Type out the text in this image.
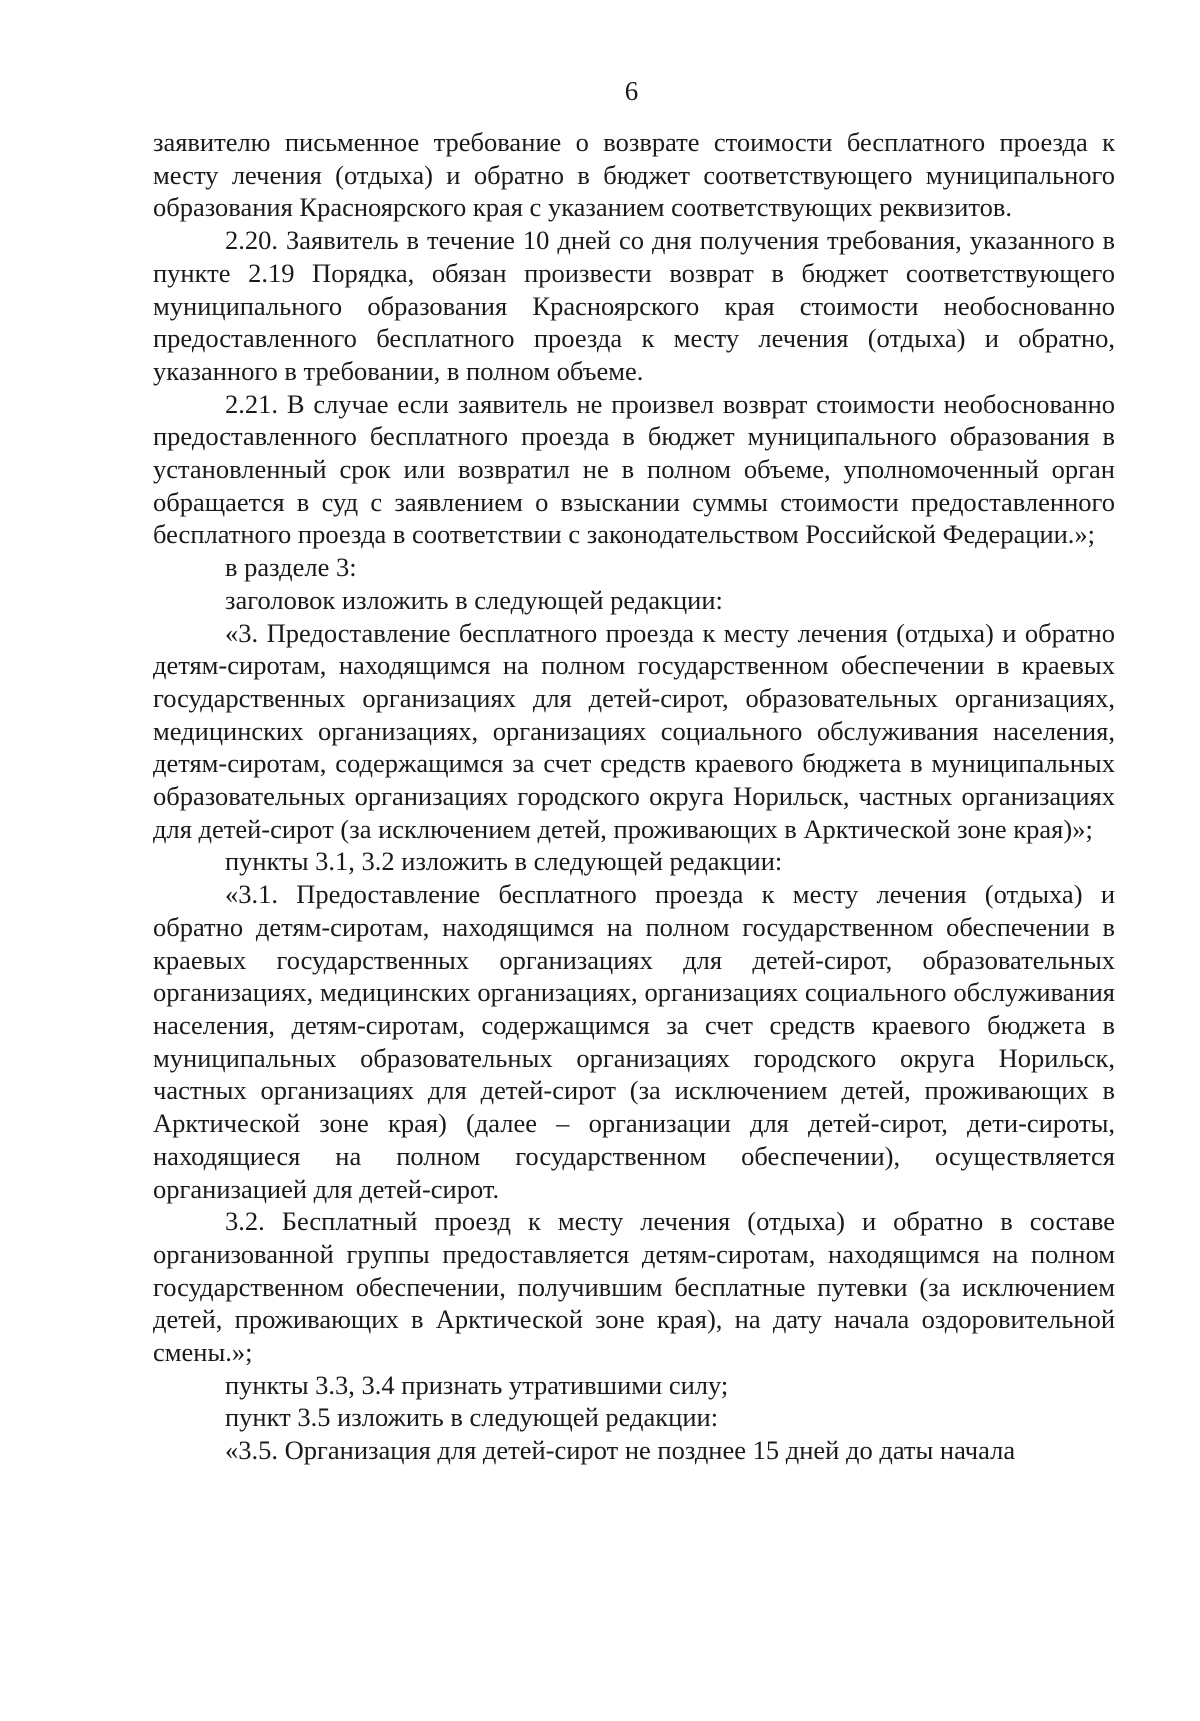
6

заявителю письменное требование о возврате стоимости бесплатного проезда к месту лечения (отдыха) и обратно в бюджет соответствующего муниципального образования Красноярского края с указанием соответствующих реквизитов.

2.20. Заявитель в течение 10 дней со дня получения требования, указанного в пункте 2.19 Порядка, обязан произвести возврат в бюджет соответствующего муниципального образования Красноярского края стоимости необоснованно предоставленного бесплатного проезда к месту лечения (отдыха) и обратно, указанного в требовании, в полном объеме.

2.21. В случае если заявитель не произвел возврат стоимости необоснованно предоставленного бесплатного проезда в бюджет муниципального образования в установленный срок или возвратил не в полном объеме, уполномоченный орган обращается в суд с заявлением о взыскании суммы стоимости предоставленного бесплатного проезда в соответствии с законодательством Российской Федерации.»;

в разделе 3:

заголовок изложить в следующей редакции:

«3. Предоставление бесплатного проезда к месту лечения (отдыха) и обратно детям-сиротам, находящимся на полном государственном обеспечении в краевых государственных организациях для детей-сирот, образовательных организациях, медицинских организациях, организациях социального обслуживания населения, детям-сиротам, содержащимся за счет средств краевого бюджета в муниципальных образовательных организациях городского округа Норильск, частных организациях для детей-сирот (за исключением детей, проживающих в Арктической зоне края)»;

пункты 3.1, 3.2 изложить в следующей редакции:

«3.1. Предоставление бесплатного проезда к месту лечения (отдыха) и обратно детям-сиротам, находящимся на полном государственном обеспечении в краевых государственных организациях для детей-сирот, образовательных организациях, медицинских организациях, организациях социального обслуживания населения, детям-сиротам, содержащимся за счет средств краевого бюджета в муниципальных образовательных организациях городского округа Норильск, частных организациях для детей-сирот (за исключением детей, проживающих в Арктической зоне края) (далее – организации для детей-сирот, дети-сироты, находящиеся на полном государственном обеспечении), осуществляется организацией для детей-сирот.

3.2. Бесплатный проезд к месту лечения (отдыха) и обратно в составе организованной группы предоставляется детям-сиротам, находящимся на полном государственном обеспечении, получившим бесплатные путевки (за исключением детей, проживающих в Арктической зоне края), на дату начала оздоровительной смены.»;

пункты 3.3, 3.4 признать утратившими силу;

пункт 3.5 изложить в следующей редакции:

«3.5. Организация для детей-сирот не позднее 15 дней до даты начала
